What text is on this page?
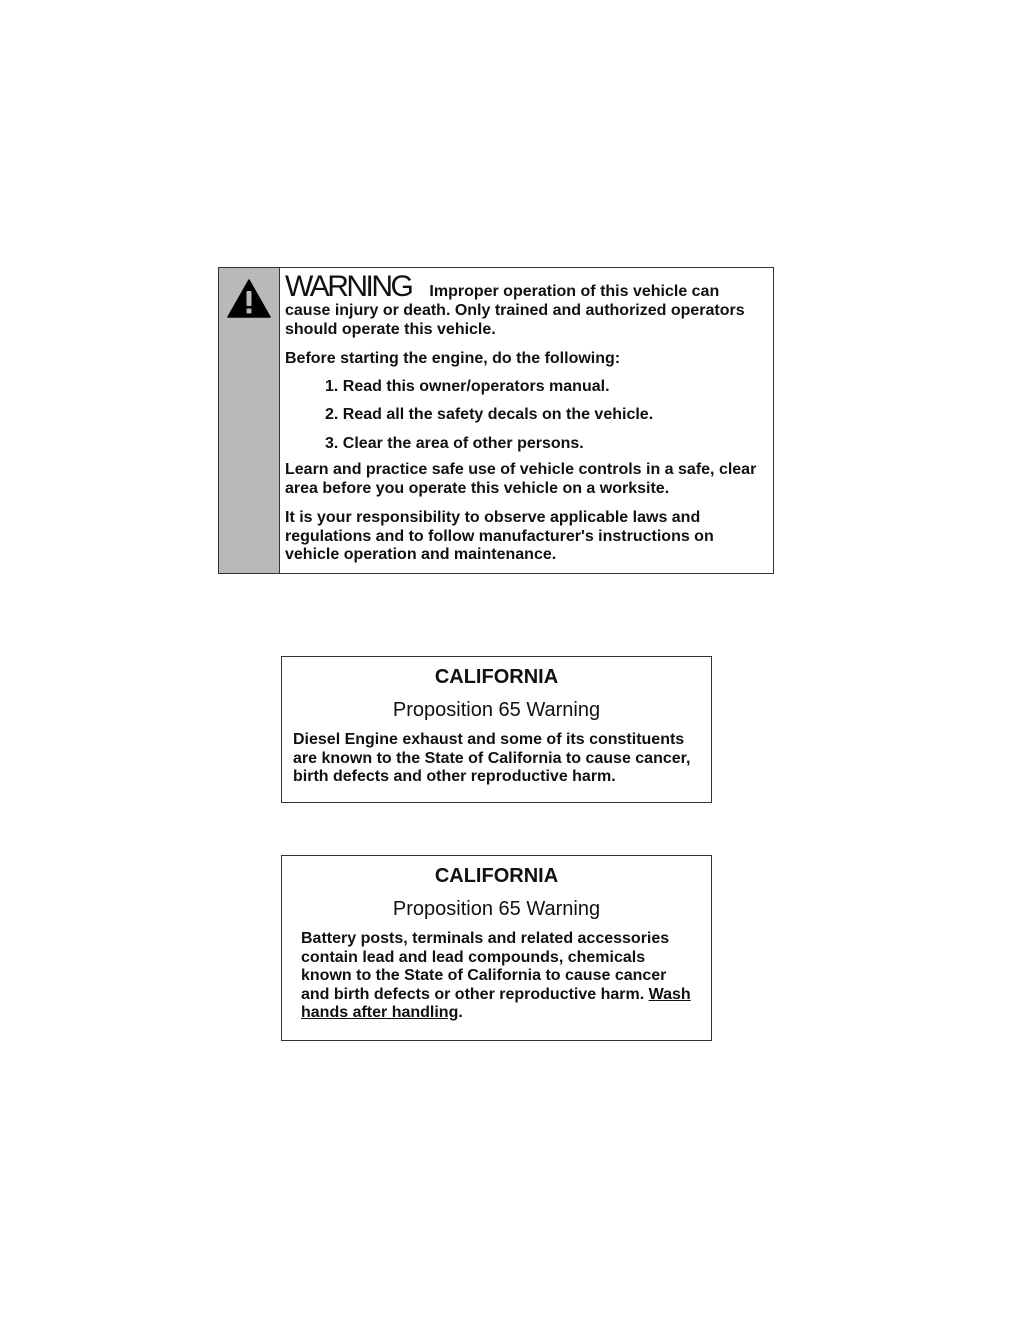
WARNING Improper operation of this vehicle can cause injury or death. Only trained and authorized operators should operate this vehicle.

Before starting the engine, do the following:

1. Read this owner/operators manual.
2. Read all the safety decals on the vehicle.
3. Clear the area of other persons.

Learn and practice safe use of vehicle controls in a safe, clear area before you operate this vehicle on a worksite.

It is your responsibility to observe applicable laws and regulations and to follow manufacturer's instructions on vehicle operation and maintenance.

CALIFORNIA

Proposition 65 Warning

Diesel Engine exhaust and some of its constituents are known to the State of California to cause cancer, birth defects and other reproductive harm.

CALIFORNIA

Proposition 65 Warning

Battery posts, terminals and related accessories contain lead and lead compounds, chemicals known to the State of California to cause cancer and birth defects or other reproductive harm. Wash hands after handling.
